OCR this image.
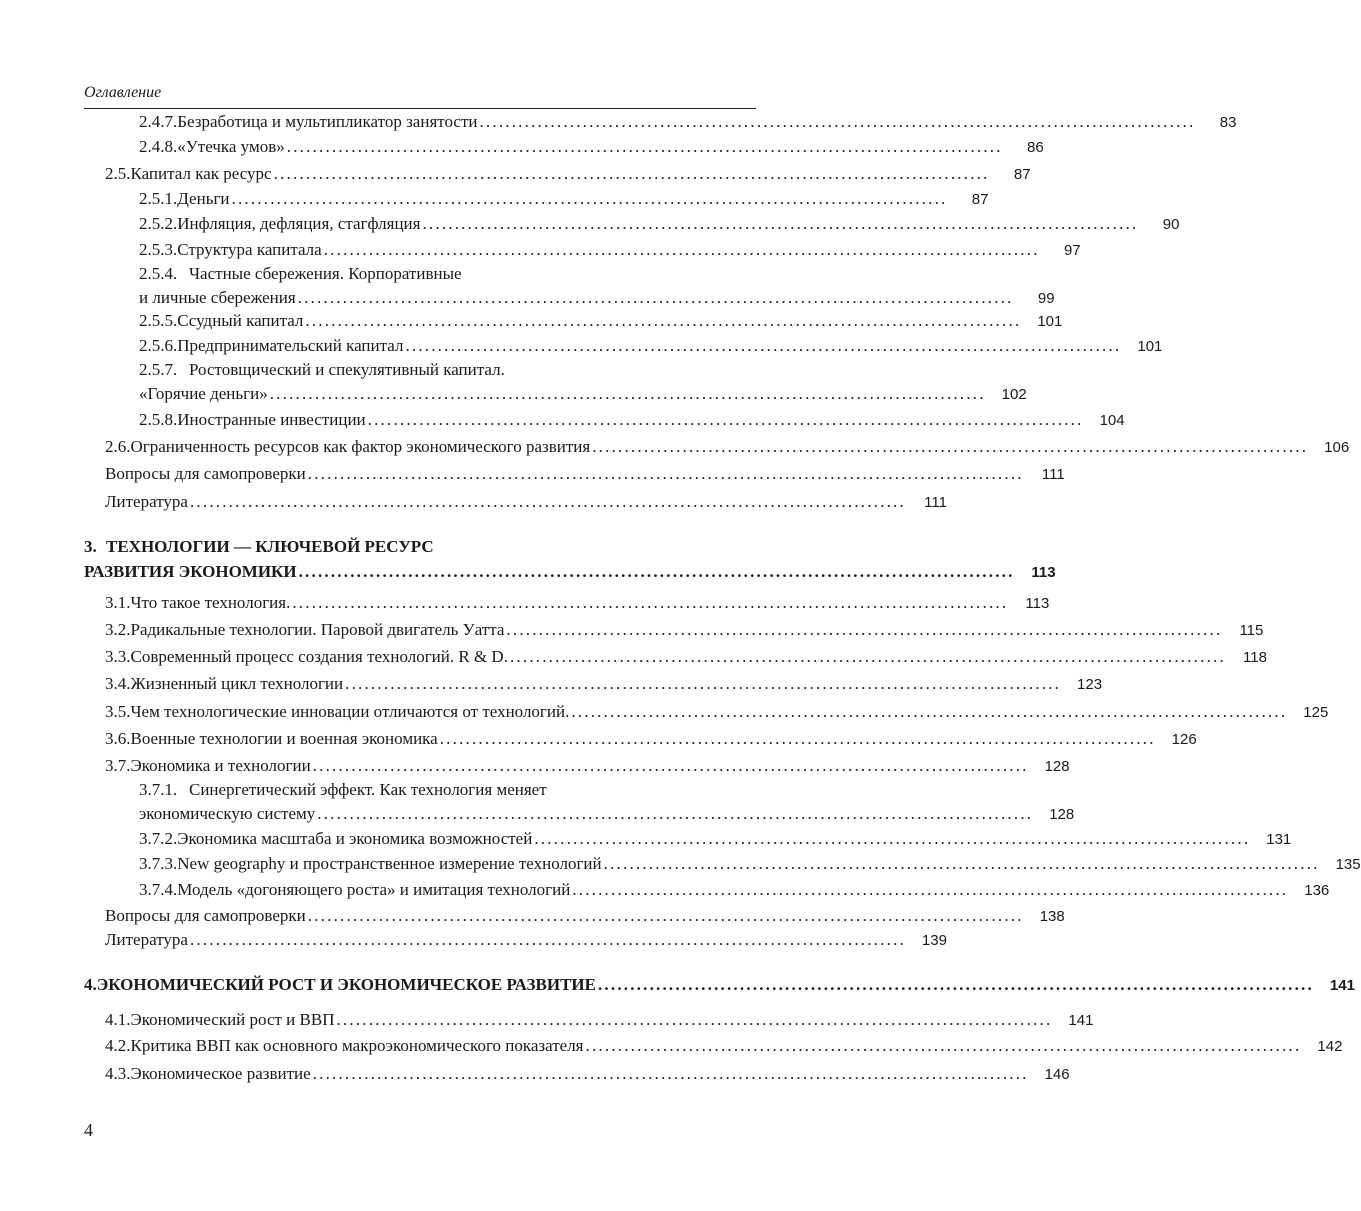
Оглавление
2.4.7. Безработица и мультипликатор занятости ...............................................................................................................	83
2.4.8. «Утечка умов» ...............................................................................................................	86
2.5. Капитал как ресурс ...............................................................................................................	87
2.5.1. Деньги ...............................................................................................................	87
2.5.2. Инфляция, дефляция, стагфляция ...............................................................................................................	90
2.5.3. Структура капитала ...............................................................................................................	97
2.5.4. Частные сбережения. Корпоративные
и личные сбережения ...............................................................................................................	99
2.5.5. Ссудный капитал ...............................................................................................................	101
2.5.6. Предпринимательский капитал ...............................................................................................................	101
2.5.7. Ростовщический и спекулятивный капитал.
«Горячие деньги» ...............................................................................................................	102
2.5.8. Иностранные инвестиции ...............................................................................................................	104
2.6. Ограниченность ресурсов как фактор экономического развития ...............................................................................................................	106
Вопросы для самопроверки ...............................................................................................................	111
Литература ...............................................................................................................	111
3. ТЕХНОЛОГИИ — КЛЮЧЕВОЙ РЕСУРС
РАЗВИТИЯ ЭКОНОМИКИ ...............................................................................................................	113
3.1. Что такое технология. ...............................................................................................................	113
3.2. Радикальные технологии. Паровой двигатель Уатта ...............................................................................................................	115
3.3. Современный процесс создания технологий. R & D. ...............................................................................................................	118
3.4. Жизненный цикл технологии ...............................................................................................................	123
3.5. Чем технологические инновации отличаются от технологий. ...............................................................................................................	125
3.6. Военные технологии и военная экономика ...............................................................................................................	126
3.7. Экономика и технологии ...............................................................................................................	128
3.7.1. Синергетический эффект. Как технология меняет
экономическую систему ...............................................................................................................	128
3.7.2. Экономика масштаба и экономика возможностей ...............................................................................................................	131
3.7.3. New geography и пространственное измерение технологий ...............................................................................................................	135
3.7.4. Модель «догоняющего роста» и имитация технологий ...............................................................................................................	136
Вопросы для самопроверки ...............................................................................................................	138
Литература ...............................................................................................................	139
4. ЭКОНОМИЧЕСКИЙ РОСТ И ЭКОНОМИЧЕСКОЕ РАЗВИТИЕ ...............................................................................................................	141
4.1. Экономический рост и ВВП ...............................................................................................................	141
4.2. Критика ВВП как основного макроэкономического показателя ...............................................................................................................	142
4.3. Экономическое развитие ...............................................................................................................	146
4
